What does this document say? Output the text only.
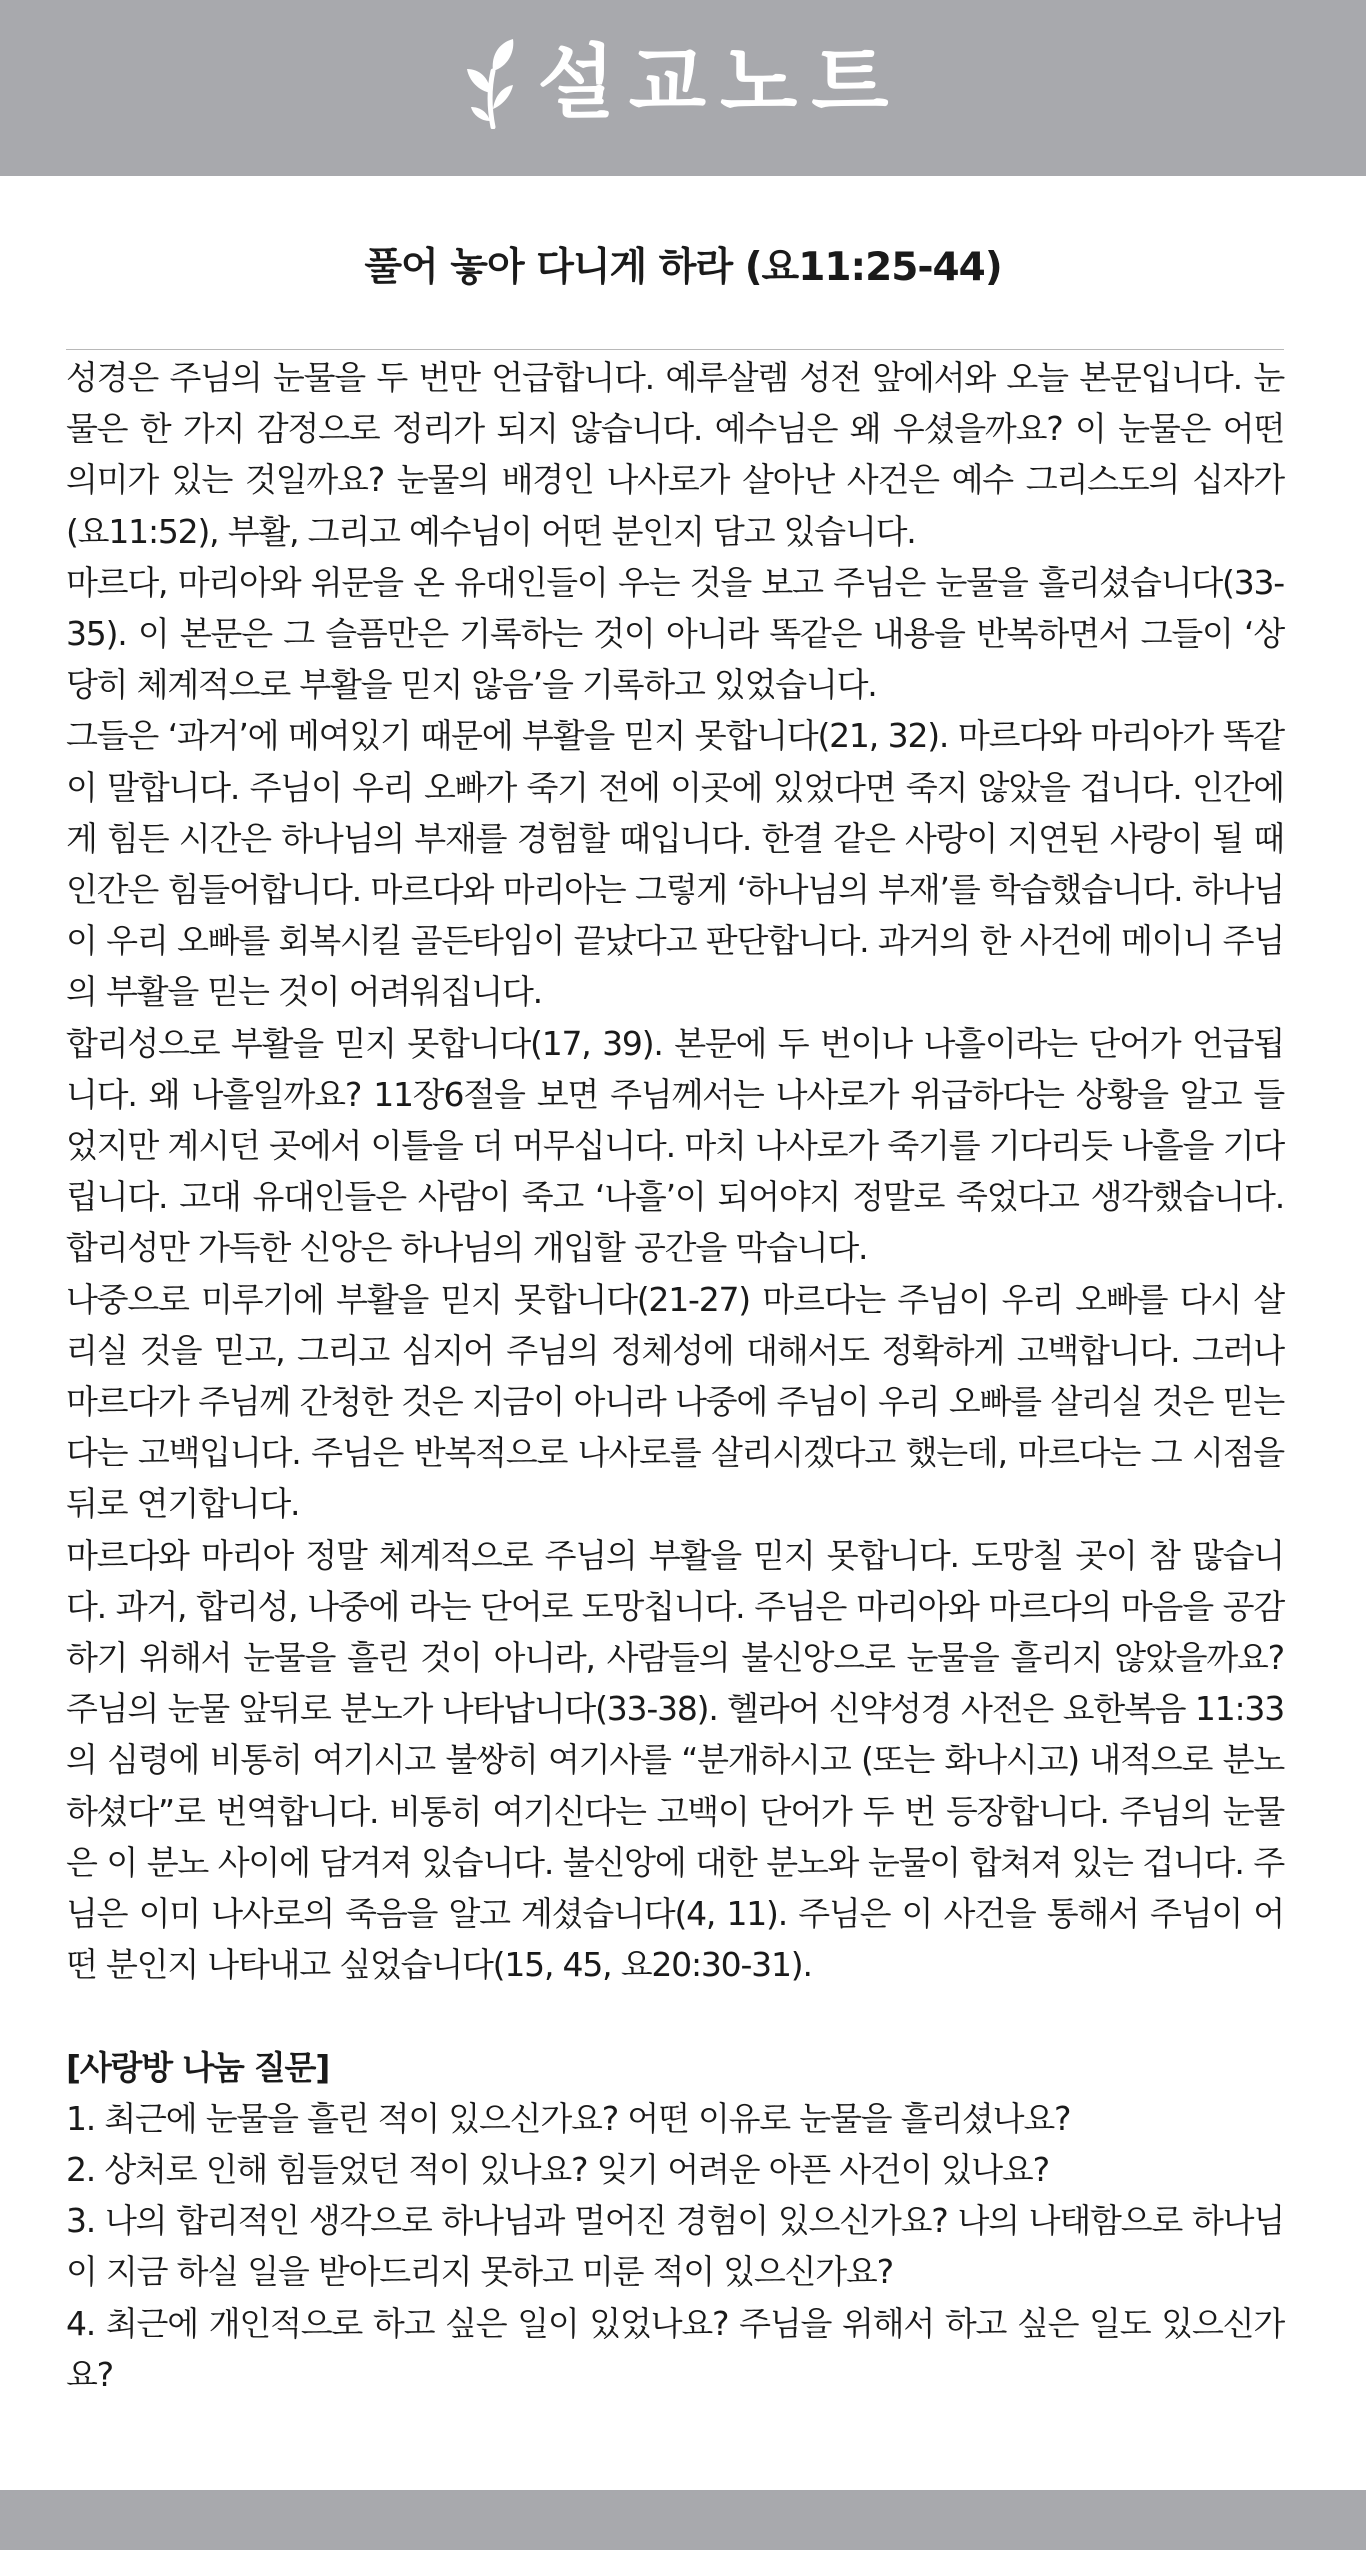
설교노트
풀어 놓아 다니게 하라 (요11:25-44)

성경은 주님의 눈물을 두 번만 언급합니다. 예루살렘 성전 앞에서와 오늘 본문입니다. 눈물은 한 가지 감정으로 정리가 되지 않습니다. 예수님은 왜 우셨을까요? 이 눈물은 어떤 의미가 있는 것일까요? 눈물의 배경인 나사로가 살아난 사건은 예수 그리스도의 십자가(요11:52), 부활, 그리고 예수님이 어떤 분인지 담고 있습니다.

마르다, 마리아와 위문을 온 유대인들이 우는 것을 보고 주님은 눈물을 흘리셨습니다(33-35). 이 본문은 그 슬픔만은 기록하는 것이 아니라 똑같은 내용을 반복하면서 그들이 ‘상당히 체계적으로 부활을 믿지 않음’을 기록하고 있었습니다.

그들은 ‘과거’에 메여있기 때문에 부활을 믿지 못합니다(21, 32). 마르다와 마리아가 똑같이 말합니다. 주님이 우리 오빠가 죽기 전에 이곳에 있었다면 죽지 않았을 겁니다. 인간에게 힘든 시간은 하나님의 부재를 경험할 때입니다. 한결 같은 사랑이 지연된 사랑이 될 때 인간은 힘들어합니다. 마르다와 마리아는 그렇게 ‘하나님의 부재’를 학습했습니다. 하나님이 우리 오빠를 회복시킬 골든타임이 끝났다고 판단합니다. 과거의 한 사건에 메이니 주님의 부활을 믿는 것이 어려워집니다.

합리성으로 부활을 믿지 못합니다(17, 39). 본문에 두 번이나 나흘이라는 단어가 언급됩니다. 왜 나흘일까요? 11장6절을 보면 주님께서는 나사로가 위급하다는 상황을 알고 들었지만 계시던 곳에서 이틀을 더 머무십니다. 마치 나사로가 죽기를 기다리듯 나흘을 기다립니다. 고대 유대인들은 사람이 죽고 ‘나흘’이 되어야지 정말로 죽었다고 생각했습니다. 합리성만 가득한 신앙은 하나님의 개입할 공간을 막습니다.

나중으로 미루기에 부활을 믿지 못합니다(21-27) 마르다는 주님이 우리 오빠를 다시 살리실 것을 믿고, 그리고 심지어 주님의 정체성에 대해서도 정확하게 고백합니다. 그러나 마르다가 주님께 간청한 것은 지금이 아니라 나중에 주님이 우리 오빠를 살리실 것은 믿는다는 고백입니다. 주님은 반복적으로 나사로를 살리시겠다고 했는데, 마르다는 그 시점을 뒤로 연기합니다.

마르다와 마리아 정말 체계적으로 주님의 부활을 믿지 못합니다. 도망칠 곳이 참 많습니다. 과거, 합리성, 나중에 라는 단어로 도망칩니다. 주님은 마리아와 마르다의 마음을 공감하기 위해서 눈물을 흘린 것이 아니라, 사람들의 불신앙으로 눈물을 흘리지 않았을까요? 주님의 눈물 앞뒤로 분노가 나타납니다(33-38). 헬라어 신약성경 사전은 요한복음 11:33의 심령에 비통히 여기시고 불쌍히 여기사를 “분개하시고 (또는 화나시고) 내적으로 분노하셨다”로 번역합니다. 비통히 여기신다는 고백이 단어가 두 번 등장합니다. 주님의 눈물은 이 분노 사이에 담겨져 있습니다. 불신앙에 대한 분노와 눈물이 합쳐져 있는 겁니다. 주님은 이미 나사로의 죽음을 알고 계셨습니다(4, 11). 주님은 이 사건을 통해서 주님이 어떤 분인지 나타내고 싶었습니다(15, 45, 요20:30-31).

[사랑방 나눔 질문]

1. 최근에 눈물을 흘린 적이 있으신가요? 어떤 이유로 눈물을 흘리셨나요?

2. 상처로 인해 힘들었던 적이 있나요? 잊기 어려운 아픈 사건이 있나요?

3. 나의 합리적인 생각으로 하나님과 멀어진 경험이 있으신가요? 나의 나태함으로 하나님이 지금 하실 일을 받아드리지 못하고 미룬 적이 있으신가요?

4. 최근에 개인적으로 하고 싶은 일이 있었나요? 주님을 위해서 하고 싶은 일도 있으신가요?
